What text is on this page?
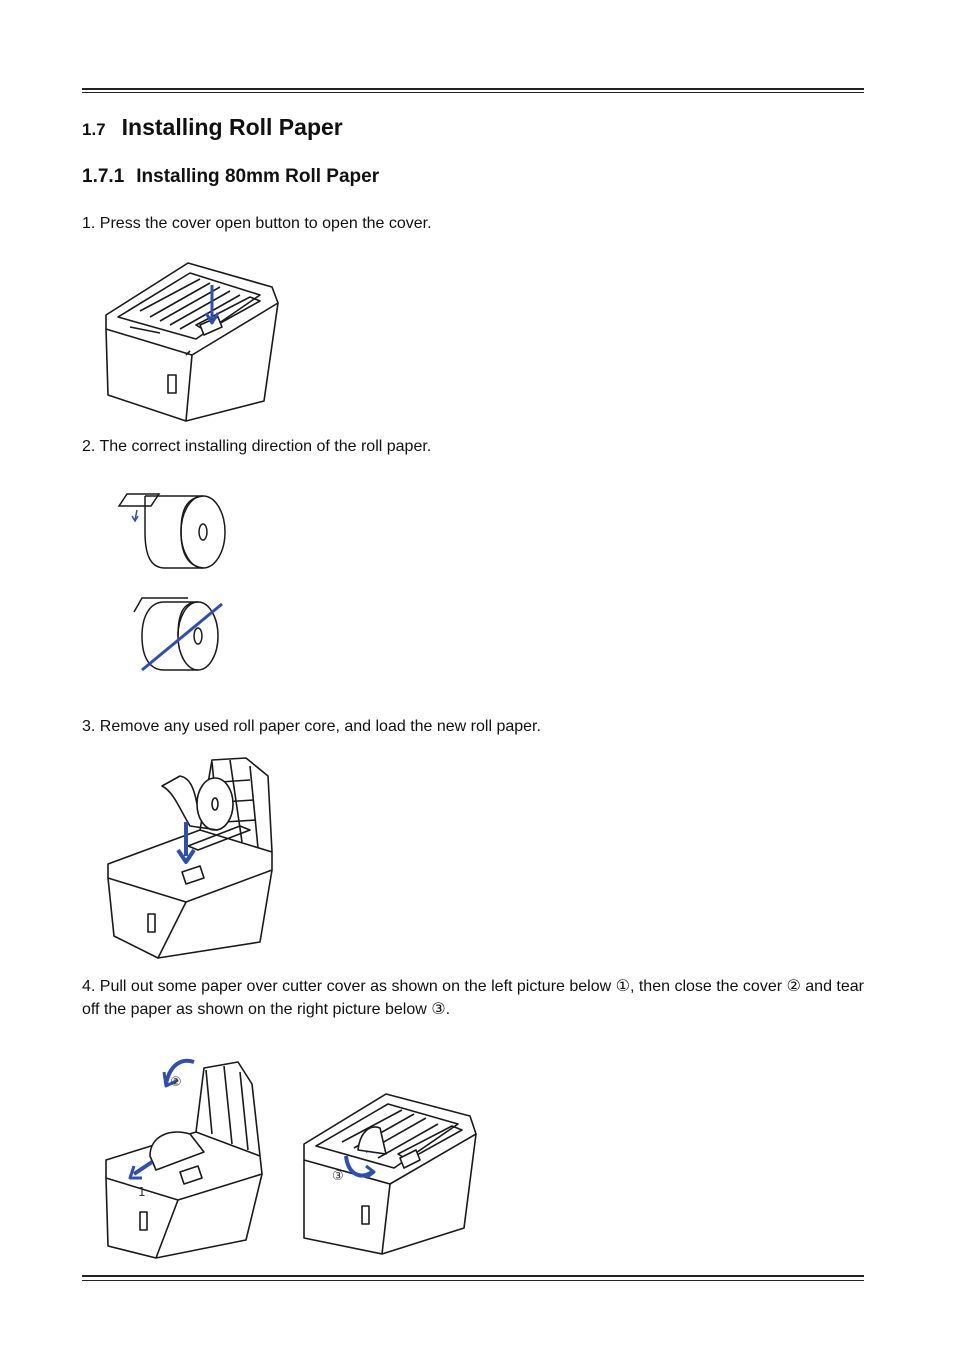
1.7 Installing Roll Paper
1.7.1 Installing 80mm Roll Paper
1. Press the cover open button to open the cover.
2. The correct installing direction of the roll paper.
3. Remove any used roll paper core, and load the new roll paper.
4. Pull out some paper over cutter cover as shown on the left picture below ①, then close the cover ② and tear off the paper as shown on the right picture below ③.
②
1
③
